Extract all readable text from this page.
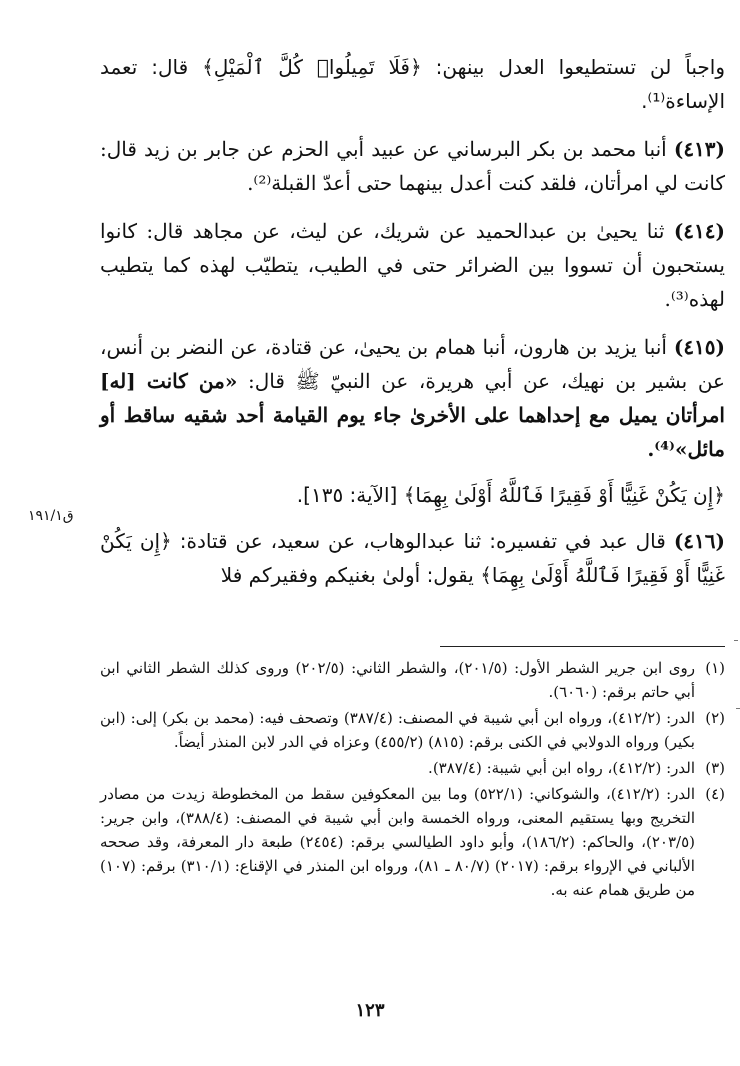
واجباً لن تستطيعوا العدل بينهن: ﴿فَلَا تَمِيلُوا۟ كُلَّ ٱلْمَيْلِ﴾ قال: تعمد الإساءة⁽¹⁾.

(٤١٣) أنبا محمد بن بكر البرساني عن عبيد أبي الحزم عن جابر بن زيد قال: كانت لي امرأتان، فلقد كنت أعدل بينهما حتى أعدّ القبلة⁽²⁾.

(٤١٤) ثنا يحيىٰ بن عبدالحميد عن شريك، عن ليث، عن مجاهد قال: كانوا يستحبون أن تسووا بين الضرائر حتى في الطيب، يتطيّب لهذه كما يتطيب لهذه⁽³⁾.

(٤١٥) أنبا يزيد بن هارون، أنبا همام بن يحيىٰ، عن قتادة، عن النضر بن أنس، عن بشير بن نهيك، عن أبي هريرة، عن النبيّ ﷺ قال: «من كانت [له] امرأتان يميل مع إحداهما على الأخرىٰ جاء يوم القيامة أحد شقيه ساقط أو مائل»⁽⁴⁾.

﴿إِن يَكُنْ غَنِيًّا أَوْ فَقِيرًا فَٱللَّهُ أَوْلَىٰ بِهِمَا﴾ [الآية: ١٣٥].

(٤١٦) قال عبد في تفسيره: ثنا عبدالوهاب، عن سعيد، عن قتادة: ﴿إِن يَكُنْ غَنِيًّا أَوْ فَقِيرًا فَٱللَّهُ أَوْلَىٰ بِهِمَا﴾ يقول: أولىٰ بغنيكم وفقيركم فلا

ق١٩١/١
(١)
روى ابن جرير الشطر الأول: (٢٠١/٥)، والشطر الثاني: (٢٠٢/٥) وروى كذلك الشطر الثاني ابن أبي حاتم برقم: (٦٠٦٠).
(٢)
الدر: (٤١٢/٢)، ورواه ابن أبي شيبة في المصنف: (٣٨٧/٤) وتصحف فيه: (محمد بن بكر) إلى: (ابن بكير) ورواه الدولابي في الكنى برقم: (٨١٥) (٤٥٥/٢) وعزاه في الدر لابن المنذر أيضاً.
(٣)
الدر: (٤١٢/٢)، رواه ابن أبي شيبة: (٣٨٧/٤).
(٤)
الدر: (٤١٢/٢)، والشوكاني: (٥٢٢/١) وما بين المعكوفين سقط من المخطوطة زيدت من مصادر التخريج وبها يستقيم المعنى، ورواه الخمسة وابن أبي شيبة في المصنف: (٣٨٨/٤)، وابن جرير: (٢٠٣/٥)، والحاكم: (١٨٦/٢)، وأبو داود الطيالسي برقم: (٢٤٥٤) طبعة دار المعرفة، وقد صححه الألباني في الإرواء برقم: (٢٠١٧) (٨٠/٧ ـ ٨١)، ورواه ابن المنذر في الإقناع: (٣١٠/١) برقم: (١٠٧) من طريق همام عنه به.
١٢٣
